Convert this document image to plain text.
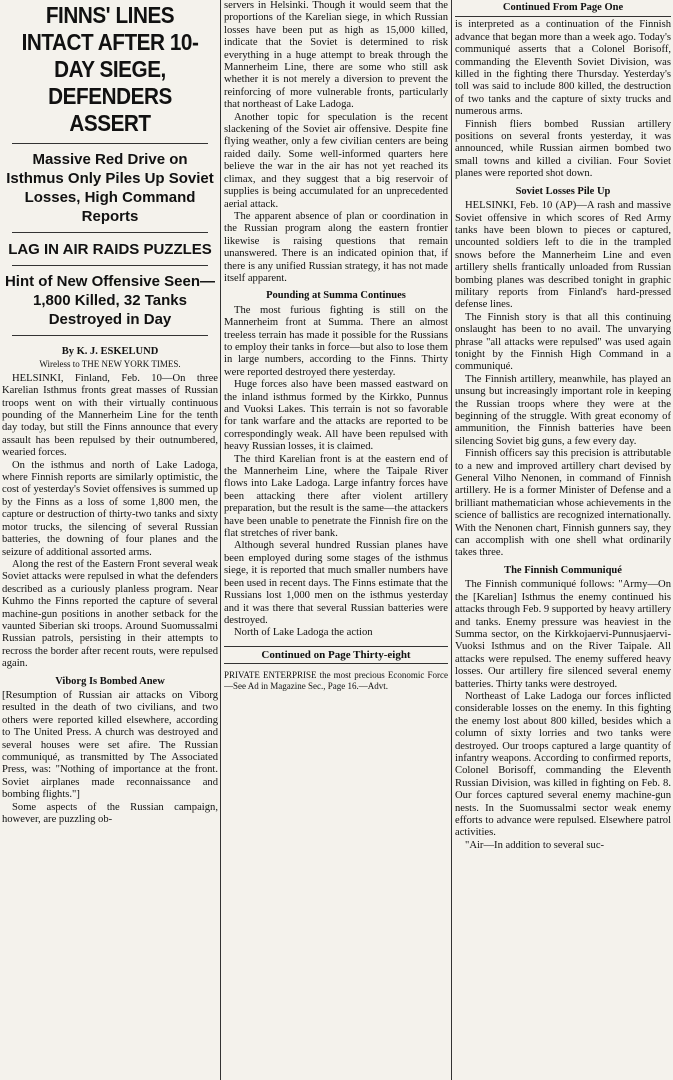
FINNS' LINES INTACT AFTER 10-DAY SIEGE, DEFENDERS ASSERT
Massive Red Drive on Isthmus Only Piles Up Soviet Losses, High Command Reports
LAG IN AIR RAIDS PUZZLES
Hint of New Offensive Seen—1,800 Killed, 32 Tanks Destroyed in Day
By K. J. ESKELUND
Wireless to THE NEW YORK TIMES.

HELSINKI, Finland, Feb. 10—On three Karelian Isthmus fronts great masses of Russian troops went on with their virtually continuous pounding of the Mannerheim Line for the tenth day today, but still the Finns announce that every assault has been repulsed by their outnumbered, wearied forces.

On the isthmus and north of Lake Ladoga, where Finnish reports are similarly optimistic, the cost of yesterday's Soviet offensives is summed up by the Finns as a loss of some 1,800 men, the capture or destruction of thirty-two tanks and sixty motor trucks, the silencing of several Russian batteries, the downing of four planes and the seizure of additional assorted arms.

Along the rest of the Eastern Front several weak Soviet attacks were repulsed in what the defenders described as a curiously planless program. Near Kuhmo the Finns reported the capture of several machine-gun positions in another setback for the vaunted Siberian ski troops. Around Suomussalmi Russian patrols, persisting in their attempts to recross the border after recent routs, were repulsed again.

Viborg Is Bombed Anew

[Resumption of Russian air attacks on Viborg resulted in the death of two civilians, and two others were reported killed elsewhere, according to The United Press. A church was destroyed and several houses were set afire. The Russian communiqué, as transmitted by The Associated Press, was: "Nothing of importance at the front. Soviet airplanes made reconnaissance and bombing flights."]

Some aspects of the Russian campaign, however, are puzzling ob-

servers in Helsinki. Though it would seem that the proportions of the Karelian siege, in which Russian losses have been put as high as 15,000 killed, indicate that the Soviet is determined to risk everything in a huge attempt to break through the Mannerheim Line, there are some who still ask whether it is not merely a diversion to prevent the reinforcing of more vulnerable fronts, particularly that northeast of Lake Ladoga.

Another topic for speculation is the recent slackening of the Soviet air offensive. Despite fine flying weather, only a few civilian centers are being raided daily. Some well-informed quarters here believe the war in the air has not yet reached its climax, and they suggest that a big reservoir of supplies is being accumulated for an unprecedented aerial attack.

The apparent absence of plan or coordination in the Russian program along the eastern frontier likewise is raising questions that remain unanswered. There is an indicated opinion that, if there is any unified Russian strategy, it has not made itself apparent.

Pounding at Summa Continues

The most furious fighting is still on the Mannerheim front at Summa. There an almost treeless terrain has made it possible for the Russians to employ their tanks in force—but also to lose them in large numbers, according to the Finns. Thirty were reported destroyed there yesterday.

Huge forces also have been massed eastward on the inland isthmus formed by the Kirkko, Punnus and Vuoksi Lakes. This terrain is not so favorable for tank warfare and the attacks are reported to be correspondingly weak. All have been repulsed with heavy Russian losses, it is claimed.

The third Karelian front is at the eastern end of the Mannerheim Line, where the Taipale River flows into Lake Ladoga. Large infantry forces have been attacking there after violent artillery preparation, but the result is the same—the attackers have been unable to penetrate the Finnish fire on the flat stretches of river bank.

Although several hundred Russian planes have been employed during some stages of the isthmus siege, it is reported that much smaller numbers have been used in recent days. The Finns estimate that the Russians lost 1,000 men on the isthmus yesterday and it was there that several Russian batteries were destroyed.

North of Lake Ladoga the action

Continued on Page Thirty-eight

PRIVATE ENTERPRISE the most precious Economic Force—See Ad in Magazine Sec., Page 16.—Advt.

Continued From Page One

is interpreted as a continuation of the Finnish advance that began more than a week ago. Today's communiqué asserts that a Colonel Borisoff, commanding the Eleventh Soviet Division, was killed in the fighting there Thursday. Yesterday's toll was said to include 800 killed, the destruction of two tanks and the capture of sixty trucks and numerous arms.

Finnish fliers bombed Russian artillery positions on several fronts yesterday, it was announced, while Russian airmen bombed two small towns and killed a civilian. Four Soviet planes were reported shot down.

Soviet Losses Pile Up

HELSINKI, Feb. 10 (AP)—A rash and massive Soviet offensive in which scores of Red Army tanks have been blown to pieces or captured, uncounted soldiers left to die in the trampled snows before the Mannerheim Line and even artillery shells frantically unloaded from Russian bombing planes was described tonight in graphic military reports from Finland's hard-pressed defense lines.

The Finnish story is that all this continuing onslaught has been to no avail. The unvarying phrase "all attacks were repulsed" was used again tonight by the Finnish High Command in a communiqué.

The Finnish artillery, meanwhile, has played an unsung but increasingly important role in keeping the Russian troops where they were at the beginning of the struggle. With great economy of ammunition, the Finnish batteries have been silencing Soviet big guns, a few every day.

Finnish officers say this precision is attributable to a new and improved artillery chart devised by General Vilho Nenonen, in command of Finnish artillery. He is a former Minister of Defense and a brilliant mathematician whose achievements in the science of ballistics are recognized internationally. With the Nenonen chart, Finnish gunners say, they can accomplish with one shell what ordinarily takes three.

The Finnish Communiqué

The Finnish communiqué follows: "Army—On the [Karelian] Isthmus the enemy continued his attacks through Feb. 9 supported by heavy artillery and tanks. Enemy pressure was heaviest in the Summa sector, on the Kirkkojaervi-Punnusjaervi-Vuoksi Isthmus and on the River Taipale. All attacks were repulsed. The enemy suffered heavy losses. Our artillery fire silenced several enemy batteries. Thirty tanks were destroyed.

Northeast of Lake Ladoga our forces inflicted considerable losses on the enemy. In this fighting the enemy lost about 800 killed, besides which a column of sixty lorries and two tanks were destroyed. Our troops captured a large quantity of infantry weapons. According to confirmed reports, Colonel Borisoff, commanding the Eleventh Russian Division, was killed in fighting on Feb. 8. Our forces captured several enemy machine-gun nests. In the Suomussalmi sector weak enemy efforts to advance were repulsed. Elsewhere patrol activities.

"Air—In addition to several suc-
